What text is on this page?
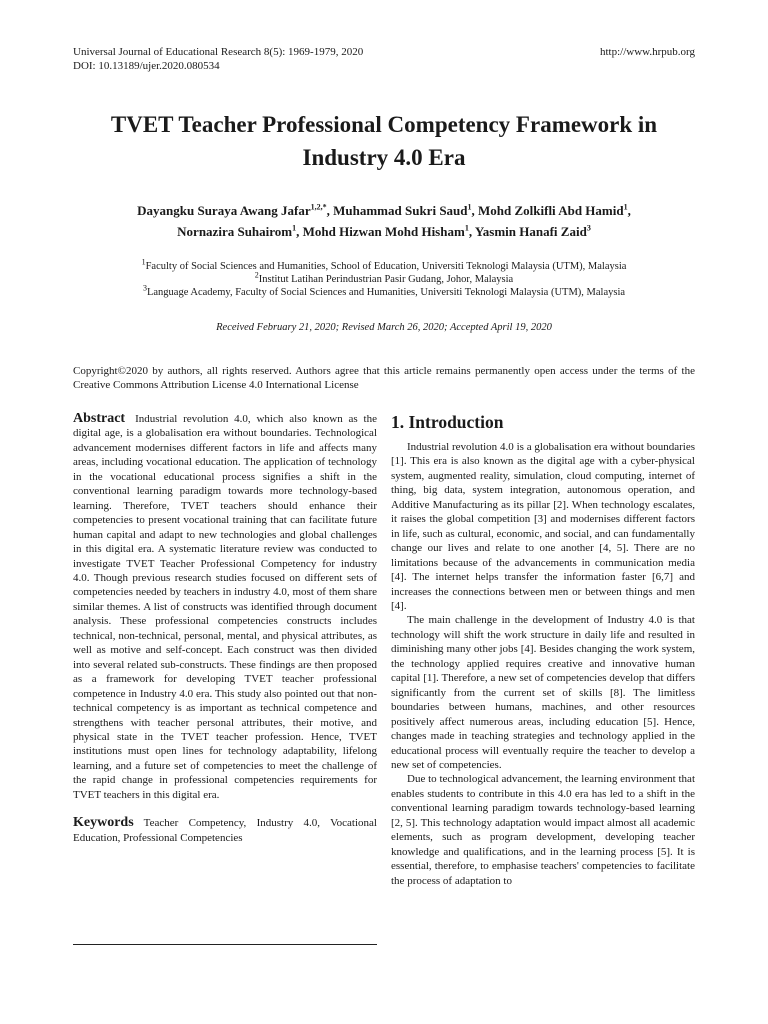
Universal Journal of Educational Research 8(5): 1969-1979, 2020
DOI: 10.13189/ujer.2020.080534
http://www.hrpub.org
TVET Teacher Professional Competency Framework in
Industry 4.0 Era
Dayangku Suraya Awang Jafar$^{1,2,*}$, Muhammad Sukri Saud$^1$, Mohd Zolkifli Abd Hamid$^1$,
Nornazira Suhairom$^1$, Mohd Hizwan Mohd Hisham$^1$, Yasmin Hanafi Zaid$^3$
$^1$Faculty of Social Sciences and Humanities, School of Education, Universiti Teknologi Malaysia (UTM), Malaysia
$^2$Institut Latihan Perindustrian Pasir Gudang, Johor, Malaysia
$^3$Language Academy, Faculty of Social Sciences and Humanities, Universiti Teknologi Malaysia (UTM), Malaysia
Received February 21, 2020; Revised March 26, 2020; Accepted April 19, 2020
Copyright©2020 by authors, all rights reserved. Authors agree that this article remains permanently open access under the terms of the Creative Commons Attribution License 4.0 International License
Abstract Industrial revolution 4.0, which also known as the digital age, is a globalisation era without boundaries. Technological advancement modernises different factors in life and affects many areas, including vocational education. The application of technology in the vocational educational process signifies a shift in the conventional learning paradigm towards more technology-based learning. Therefore, TVET teachers should enhance their competencies to present vocational training that can facilitate future human capital and adapt to new technologies and global challenges in this digital era. A systematic literature review was conducted to investigate TVET Teacher Professional Competency for industry 4.0. Though previous research studies focused on different sets of competencies needed by teachers in industry 4.0, most of them share similar themes. A list of constructs was identified through document analysis. These professional competencies constructs includes technical, non-technical, personal, mental, and physical attributes, as well as motive and self-concept. Each construct was then divided into several related sub-constructs. These findings are then proposed as a framework for developing TVET teacher professional competence in Industry 4.0 era. This study also pointed out that non-technical competency is as important as technical competence and strengthens with teacher personal attributes, their motive, and physical state in the TVET teacher profession. Hence, TVET institutions must open lines for technology adaptability, lifelong learning, and a future set of competencies to meet the challenge of the rapid change in professional competencies requirements for TVET teachers in this digital era.
Keywords Teacher Competency, Industry 4.0, Vocational Education, Professional Competencies
1. Introduction
Industrial revolution 4.0 is a globalisation era without boundaries [1]. This era is also known as the digital age with a cyber-physical system, augmented reality, simulation, cloud computing, internet of thing, big data, system integration, autonomous operation, and Additive Manufacturing as its pillar [2]. When technology escalates, it raises the global competition [3] and modernises different factors in life, such as cultural, economic, and social, and can fundamentally change our lives and relate to one another [4, 5]. There are no limitations because of the advancements in communication media [4]. The internet helps transfer the information faster [6,7] and increases the connections between men or between things and men [4].
The main challenge in the development of Industry 4.0 is that technology will shift the work structure in daily life and resulted in diminishing many other jobs [4]. Besides changing the work system, the technology applied requires creative and innovative human capital [1]. Therefore, a new set of competencies develop that differs significantly from the current set of skills [8]. The limitless boundaries between humans, machines, and other resources positively affect numerous areas, including education [5]. Hence, changes made in teaching strategies and technology applied in the educational process will eventually require the teacher to develop a new set of competencies.
Due to technological advancement, the learning environment that enables students to contribute in this 4.0 era has led to a shift in the conventional learning paradigm towards technology-based learning [2, 5]. This technology adaptation would impact almost all academic elements, such as program development, developing teacher knowledge and qualifications, and in the learning process [5]. It is essential, therefore, to emphasise teachers' competencies to facilitate the process of adaptation to
